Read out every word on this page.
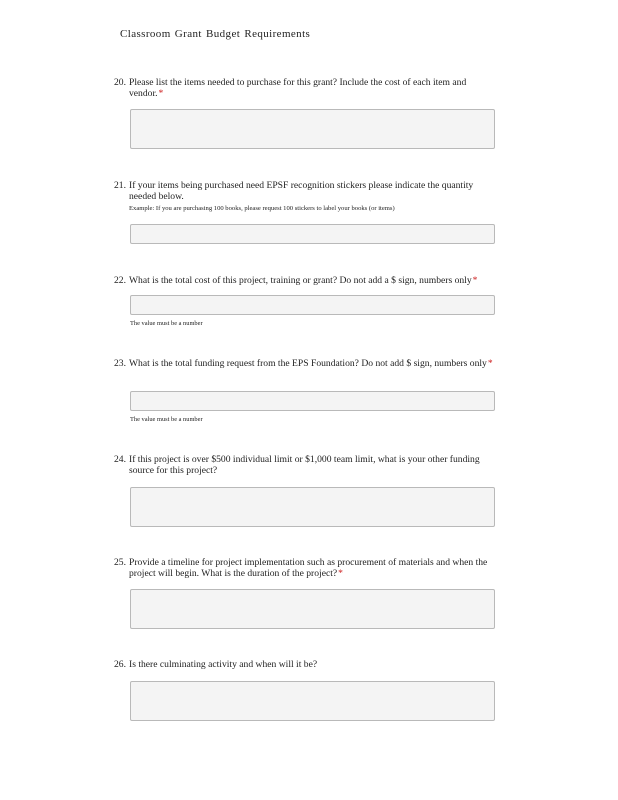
Classroom Grant Budget Requirements
20. Please list the items needed to purchase for this grant? Include the cost of each item and vendor.*
21. If your items being purchased need EPSF recognition stickers please indicate the quantity needed below.
Example: If you are purchasing 100 books, please request 100 stickers to label your books (or items)
22. What is the total cost of this project, training or grant? Do not add a $ sign, numbers only*
The value must be a number
23. What is the total funding request from the EPS Foundation? Do not add $ sign, numbers only*
The value must be a number
24. If this project is over $500 individual limit or $1,000 team limit, what is your other funding source for this project?
25. Provide a timeline for project implementation such as procurement of materials and when the project will begin. What is the duration of the project?*
26. Is there culminating activity and when will it be?
